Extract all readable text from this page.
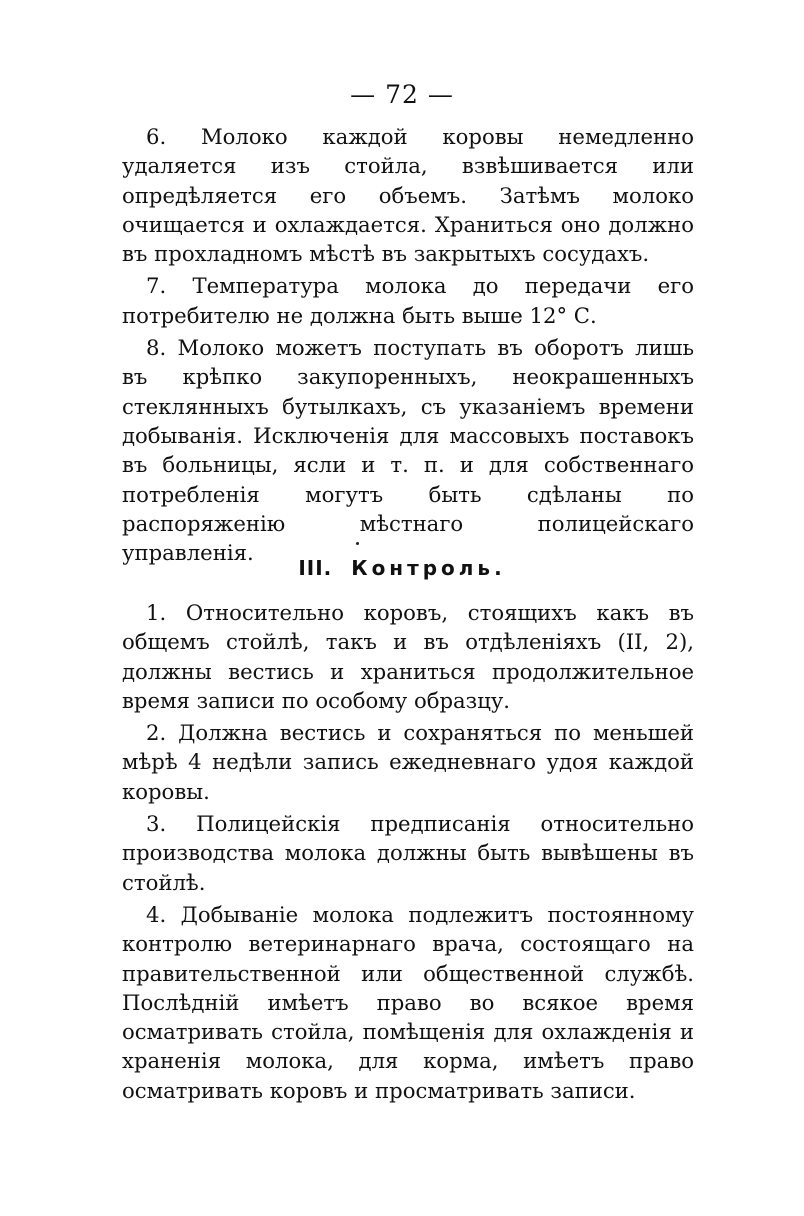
— 72 —

6. Молоко каждой коровы немедленно удаляется изъ стойла, взвѣшивается или опредѣляется его объемъ. Затѣмъ молоко очищается и охлаждается. Храниться оно должно въ прохладномъ мѣстѣ въ закрытыхъ сосудахъ.

7. Температура молока до передачи его потребителю не должна быть выше 12° С.

8. Молоко можетъ поступать въ оборотъ лишь въ крѣпко закупоренныхъ, неокрашенныхъ стеклянныхъ бутылкахъ, съ указаніемъ времени добыванія. Исключенія для массовыхъ поставокъ въ больницы, ясли и т. п. и для собственнаго потребленія могутъ быть сдѣланы по распоряженію мѣстнаго полицейскаго управленія.

III. Контроль.

1. Относительно коровъ, стоящихъ какъ въ общемъ стойлѣ, такъ и въ отдѣленіяхъ (II, 2), должны вестись и храниться продолжительное время записи по особому образцу.

2. Должна вестись и сохраняться по меньшей мѣрѣ 4 недѣли запись ежедневнаго удоя каждой коровы.

3. Полицейскія предписанія относительно производства молока должны быть вывѣшены въ стойлѣ.

4. Добываніе молока подлежитъ постоянному контролю ветеринарнаго врача, состоящаго на правительственной или общественной службѣ. Послѣдній имѣетъ право во всякое время осматривать стойла, помѣщенія для охлажденія и храненія молока, для корма, имѣетъ право осматривать коровъ и просматривать записи.
